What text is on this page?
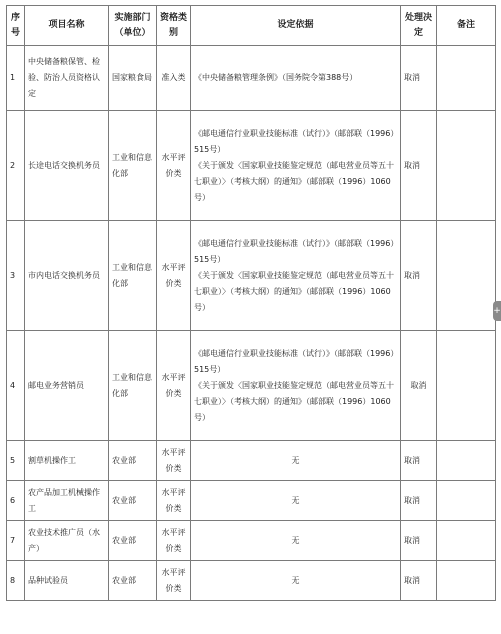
序号	项目名称	实施部门（单位）	资格类别	设定依据	处理决定	备注
1	中央储备粮保管、检验、防治人员资格认定	国家粮食局	准入类	《中央储备粮管理条例》（国务院令第388号）	取消	
2	长途电话交换机务员	工业和信息化部	水平评价类	《邮电通信行业职业技能标准（试行）》（邮部联（1996）515号）

《关于颁发〈国家职业技能鉴定规范（邮电营业员等五十七职业）〉（考核大纲）的通知》（邮部联（1996）1060号）	取消	
3	市内电话交换机务员	工业和信息化部	水平评价类	《邮电通信行业职业技能标准（试行）》（邮部联（1996）515号）

《关于颁发〈国家职业技能鉴定规范（邮电营业员等五十七职业）〉（考核大纲）的通知》（邮部联（1996）1060号）	取消	
4	邮电业务营销员	工业和信息化部	水平评价类	《邮电通信行业职业技能标准（试行）》（邮部联（1996）515号）

《关于颁发〈国家职业技能鉴定规范（邮电营业员等五十七职业）〉（考核大纲）的通知》（邮部联（1996）1060号）	取消	
5	割草机操作工	农业部	水平评价类	无	取消	
6	农产品加工机械操作工	农业部	水平评价类	无	取消	
7	农业技术推广员（水产）	农业部	水平评价类	无	取消	
8	品种试验员	农业部	水平评价类	无	取消	
+
